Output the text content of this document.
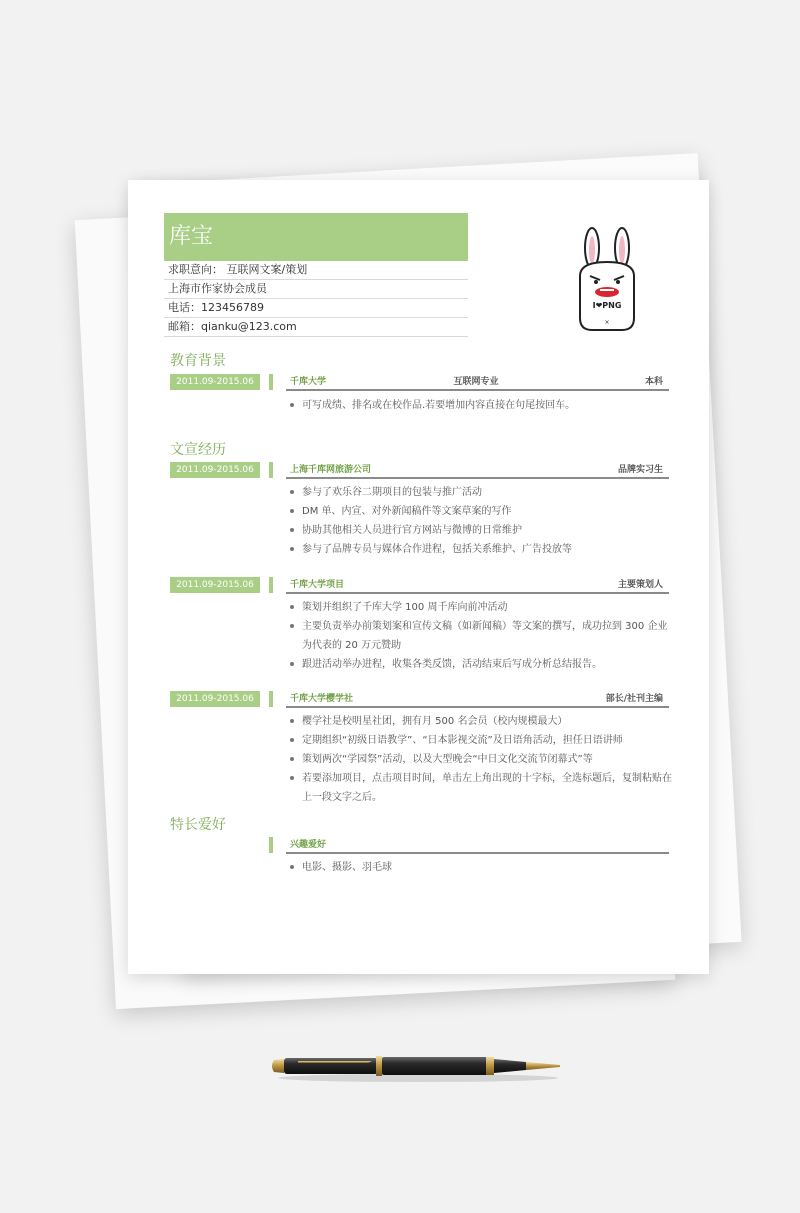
库宝
求职意向： 互联网文案/策划
上海市作家协会成员
电话：123456789
邮箱：qianku@123.com
I❤PNG
×
教育背景
2011.09-2015.06	千库大学	互联网专业	本科
可写成绩、排名或在校作品.若要增加内容直接在句尾按回车。
文宣经历
2011.09-2015.06	上海千库网旅游公司	品牌实习生
参与了欢乐谷二期项目的包装与推广活动
DM 单、内宣、对外新闻稿件等文案草案的写作
协助其他相关人员进行官方网站与微博的日常维护
参与了品牌专员与媒体合作进程，包括关系维护、广告投放等
2011.09-2015.06	千库大学项目	主要策划人
策划并组织了千库大学 100 周千库向前冲活动
主要负责举办前策划案和宣传文稿（如新闻稿）等文案的撰写，成功拉到 300 企业为代表的 20 万元赞助
跟进活动举办进程，收集各类反馈，活动结束后写成分析总结报告。
2011.09-2015.06	千库大学樱学社	部长/社刊主编
樱学社是校明星社团，拥有月 500 名会员（校内规模最大）
定期组织“初级日语教学”、“日本影视交流”及日语角活动，担任日语讲师
策划两次“学园祭”活动，以及大型晚会“中日文化交流节闭幕式”等
若要添加项目，点击项目时间，单击左上角出现的十字标，全选标题后，复制粘贴在上一段文字之后。
特长爱好
兴趣爱好
电影、摄影、羽毛球
